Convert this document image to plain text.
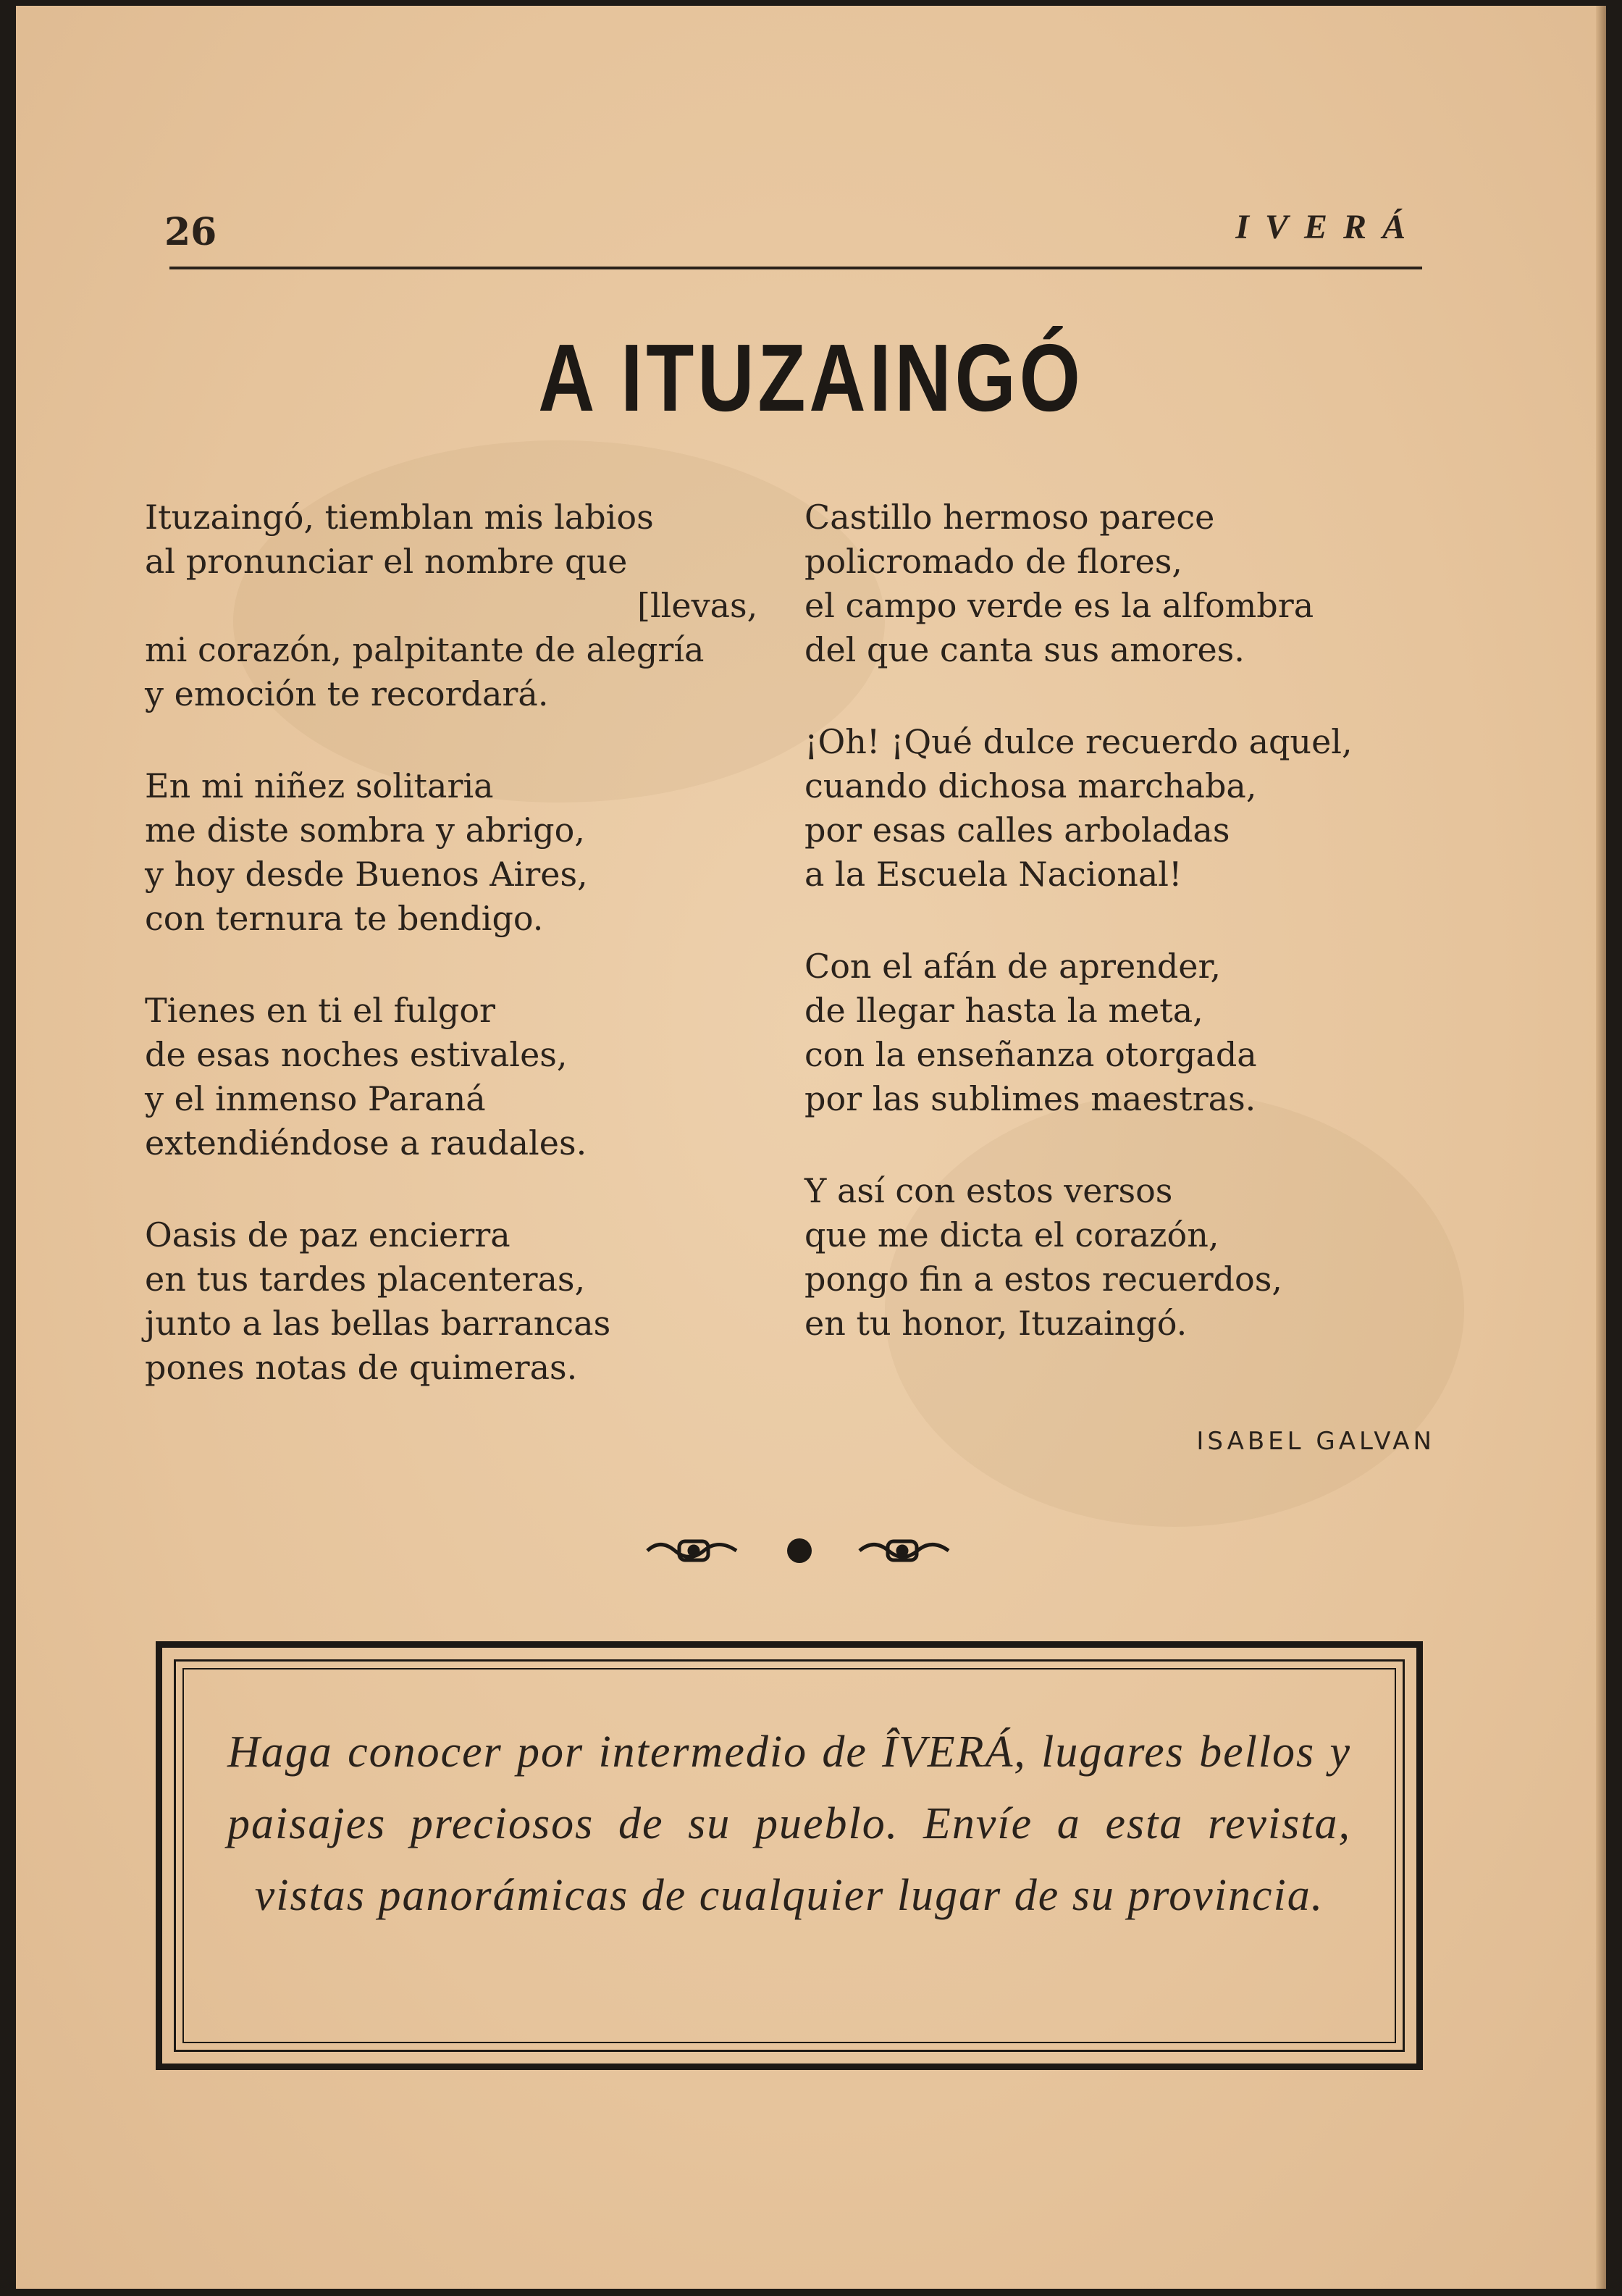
26	IVERÁ
A ITUZAINGÓ
Ituzaingó, tiemblan mis labios
al pronunciar el nombre que
[llevas,
mi corazón, palpitante de alegría
y emoción te recordará.
En mi niñez solitaria
me diste sombra y abrigo,
y hoy desde Buenos Aires,
con ternura te bendigo.
Tienes en ti el fulgor
de esas noches estivales,
y el inmenso Paraná
extendiéndose a raudales.
Oasis de paz encierra
en tus tardes placenteras,
junto a las bellas barrancas
pones notas de quimeras.
Castillo hermoso parece
policromado de flores,
el campo verde es la alfombra
del que canta sus amores.
¡Oh! ¡Qué dulce recuerdo aquel,
cuando dichosa marchaba,
por esas calles arboladas
a la Escuela Nacional!
Con el afán de aprender,
de llegar hasta la meta,
con la enseñanza otorgada
por las sublimes maestras.
Y así con estos versos
que me dicta el corazón,
pongo fin a estos recuerdos,
en tu honor, Ituzaingó.
ISABEL GALVAN
Haga conocer por intermedio de ÎVERÁ, lugares bellos y paisajes preciosos de su pueblo. Envíe a esta revista, vistas panorámicas de cualquier lugar de su provincia.
